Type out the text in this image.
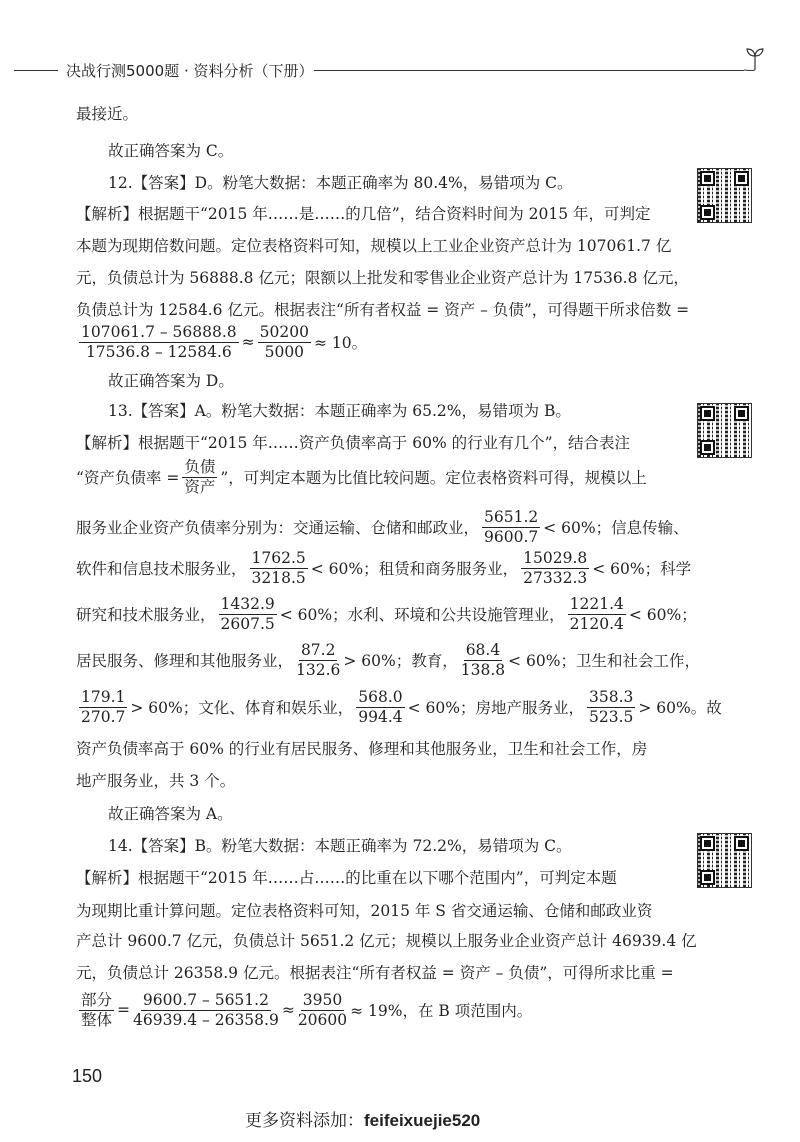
决战行测5000题 · 资料分析（下册）
最接近。
故正确答案为 C。
12.【答案】D。粉笔大数据：本题正确率为 80.4%，易错项为 C。
【解析】根据题干“2015 年……是……的几倍”，结合资料时间为 2015 年，可判定
本题为现期倍数问题。定位表格资料可知，规模以上工业企业资产总计为 107061.7 亿
元，负债总计为 56888.8 亿元；限额以上批发和零售业企业资产总计为 17536.8 亿元，
负债总计为 12584.6 亿元。根据表注“所有者权益 = 资产 – 负债”，可得题干所求倍数 =
$\frac{107061.7 - 56888.8}{17536.8 - 12584.6} \approx \frac{50200}{5000} \approx 10$。
故正确答案为 D。
13.【答案】A。粉笔大数据：本题正确率为 65.2%，易错项为 B。
【解析】根据题干“2015 年……资产负债率高于 60% 的行业有几个”，结合表注
“资产负债率 = $\frac{\text{负债}}{\text{资产}}$ ”，可判定本题为比值比较问题。定位表格资料可得，规模以上
服务业企业资产负债率分别为：交通运输、仓储和邮政业， $\frac{5651.2}{9600.7} < 60\%$；信息传输、
软件和信息技术服务业， $\frac{1762.5}{3218.5} < 60\%$；租赁和商务服务业， $\frac{15029.8}{27332.3} < 60\%$；科学
研究和技术服务业， $\frac{1432.9}{2607.5} < 60\%$；水利、环境和公共设施管理业， $\frac{1221.4}{2120.4} < 60\%$；
居民服务、修理和其他服务业， $\frac{87.2}{132.6} > 60\%$；教育， $\frac{68.4}{138.8} < 60\%$；卫生和社会工作，
$\frac{179.1}{270.7} > 60\%$；文化、体育和娱乐业， $\frac{568.0}{994.4} < 60\%$；房地产服务业， $\frac{358.3}{523.5} > 60\%$。故
资产负债率高于 60% 的行业有居民服务、修理和其他服务业，卫生和社会工作，房
地产服务业，共 3 个。
故正确答案为 A。
14.【答案】B。粉笔大数据：本题正确率为 72.2%，易错项为 C。
【解析】根据题干“2015 年……占……的比重在以下哪个范围内”，可判定本题
为现期比重计算问题。定位表格资料可知，2015 年 S 省交通运输、仓储和邮政业资
产总计 9600.7 亿元，负债总计 5651.2 亿元；规模以上服务业企业资产总计 46939.4 亿
元，负债总计 26358.9 亿元。根据表注“所有者权益 = 资产 – 负债”，可得所求比重 =
$\frac{\text{部分}}{\text{整体}} = \frac{9600.7 - 5651.2}{46939.4 - 26358.9} \approx \frac{3950}{20600} \approx 19\%$，在 B 项范围内。
150
更多资料添加：feifeixuejie520
